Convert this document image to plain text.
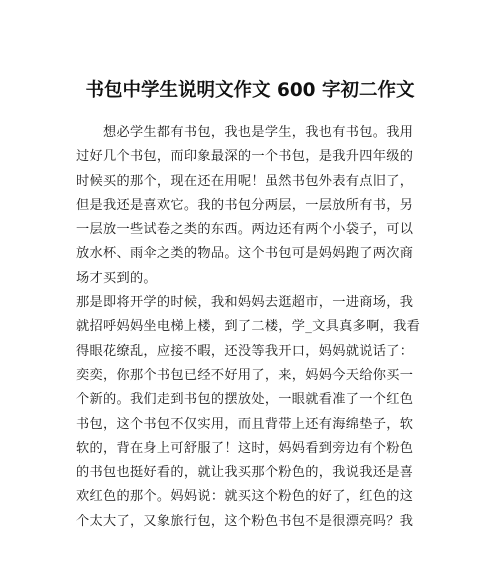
书包中学生说明文作文 600 字初二作文
　　想必学生都有书包，我也是学生，我也有书包。我用
过好几个书包，而印象最深的一个书包，是我升四年级的
时候买的那个，现在还在用呢！虽然书包外表有点旧了，
但是我还是喜欢它。我的书包分两层，一层放所有书，另
一层放一些试卷之类的东西。两边还有两个小袋子，可以
放水杯、雨伞之类的物品。这个书包可是妈妈跑了两次商
场才买到的。
那是即将开学的时候，我和妈妈去逛超市，一进商场，我
就招呼妈妈坐电梯上楼，到了二楼，学_文具真多啊，我看
得眼花缭乱，应接不暇，还没等我开口，妈妈就说话了：
奕奕，你那个书包已经不好用了，来，妈妈今天给你买一
个新的。我们走到书包的摆放处，一眼就看准了一个红色
书包，这个书包不仅实用，而且背带上还有海绵垫子，软
软的，背在身上可舒服了！这时，妈妈看到旁边有个粉色
的书包也挺好看的，就让我买那个粉色的，我说我还是喜
欢红色的那个。妈妈说：就买这个粉色的好了，红色的这
个太大了，又象旅行包，这个粉色书包不是很漂亮吗？我
